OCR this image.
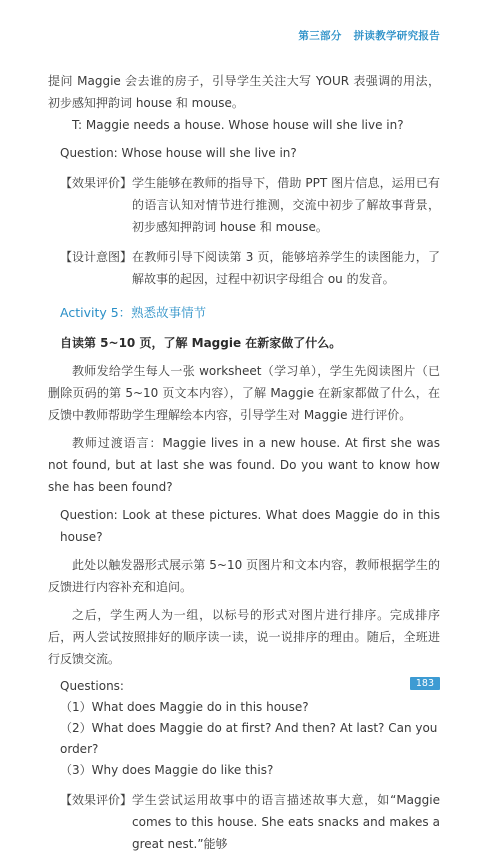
第三部分 拼读教学研究报告

提问 Maggie 会去谁的房子，引导学生关注大写 YOUR 表强调的用法，初步感知押韵词 house 和 mouse。

T: Maggie needs a house. Whose house will she live in?

Question: Whose house will she live in?

【效果评价】 学生能够在教师的指导下，借助 PPT 图片信息，运用已有的语言认知对情节进行推测，交流中初步了解故事背景，初步感知押韵词 house 和 mouse。
【设计意图】 在教师引导下阅读第 3 页，能够培养学生的读图能力，了解故事的起因，过程中初识字母组合 ou 的发音。
Activity 5：熟悉故事情节
自读第 5~10 页，了解 Maggie 在新家做了什么。

教师发给学生每人一张 worksheet（学习单），学生先阅读图片（已删除页码的第 5~10 页文本内容），了解 Maggie 在新家都做了什么，在反馈中教师帮助学生理解绘本内容，引导学生对 Maggie 进行评价。

教师过渡语言：Maggie lives in a new house. At first she was not found, but at last she was found. Do you want to know how she has been found?

Question: Look at these pictures. What does Maggie do in this house?

此处以触发器形式展示第 5~10 页图片和文本内容，教师根据学生的反馈进行内容补充和追问。

之后，学生两人为一组，以标号的形式对图片进行排序。完成排序后，两人尝试按照排好的顺序读一读，说一说排序的理由。随后，全班进行反馈交流。

Questions:
（1）What does Maggie do in this house?
（2）What does Maggie do at first? And then? At last? Can you order?
（3）Why does Maggie do like this?
【效果评价】 学生尝试运用故事中的语言描述故事大意，如“Maggie comes to this house. She eats snacks and makes a great nest.”能够
183
